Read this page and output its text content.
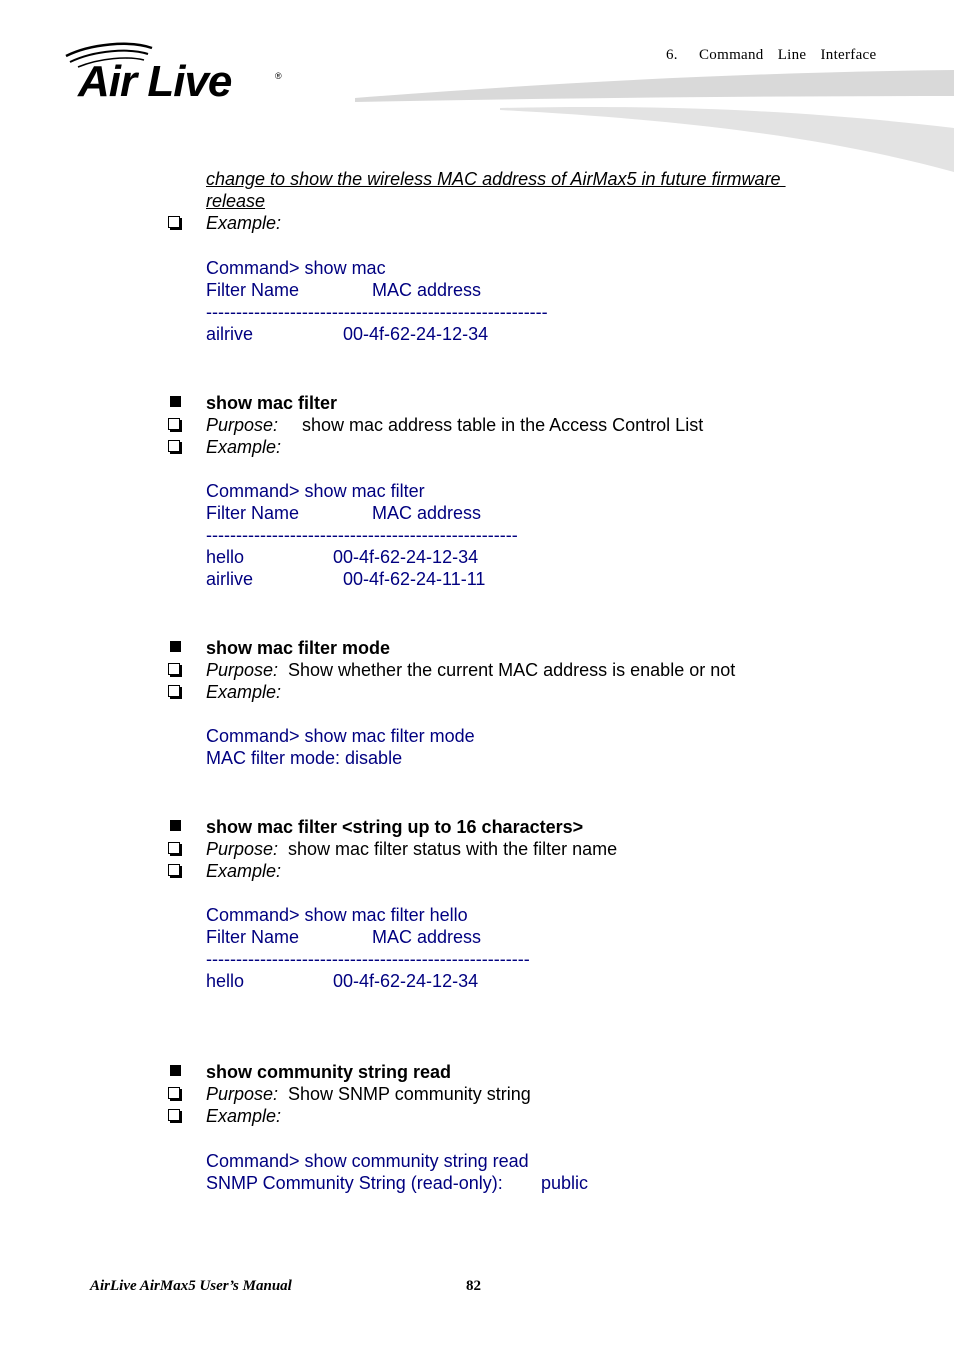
Air Live	®
6.   Command  Line  Interface
change to show the wireless MAC address of AirMax5 in future firmware
release
Example:
Command> show mac
Filter Name	MAC address
---------------------------------------------------------
ailrive	00-4f-62-24-12-34
show mac filter
Purpose: show mac address table in the Access Control List
Example:
Command> show mac filter
Filter Name	MAC address
----------------------------------------------------
hello	00-4f-62-24-12-34
airlive	00-4f-62-24-11-11
show mac filter mode
Purpose: Show whether the current MAC address is enable or not
Example:
Command> show mac filter mode
MAC filter mode: disable
show mac filter <string up to 16 characters>
Purpose: show mac filter status with the filter name
Example:
Command> show mac filter hello
Filter Name	MAC address
------------------------------------------------------
hello	00-4f-62-24-12-34
show community string read
Purpose: Show SNMP community string
Example:
Command> show community string read
SNMP Community String (read-only): public
AirLive AirMax5 User’s Manual	82
